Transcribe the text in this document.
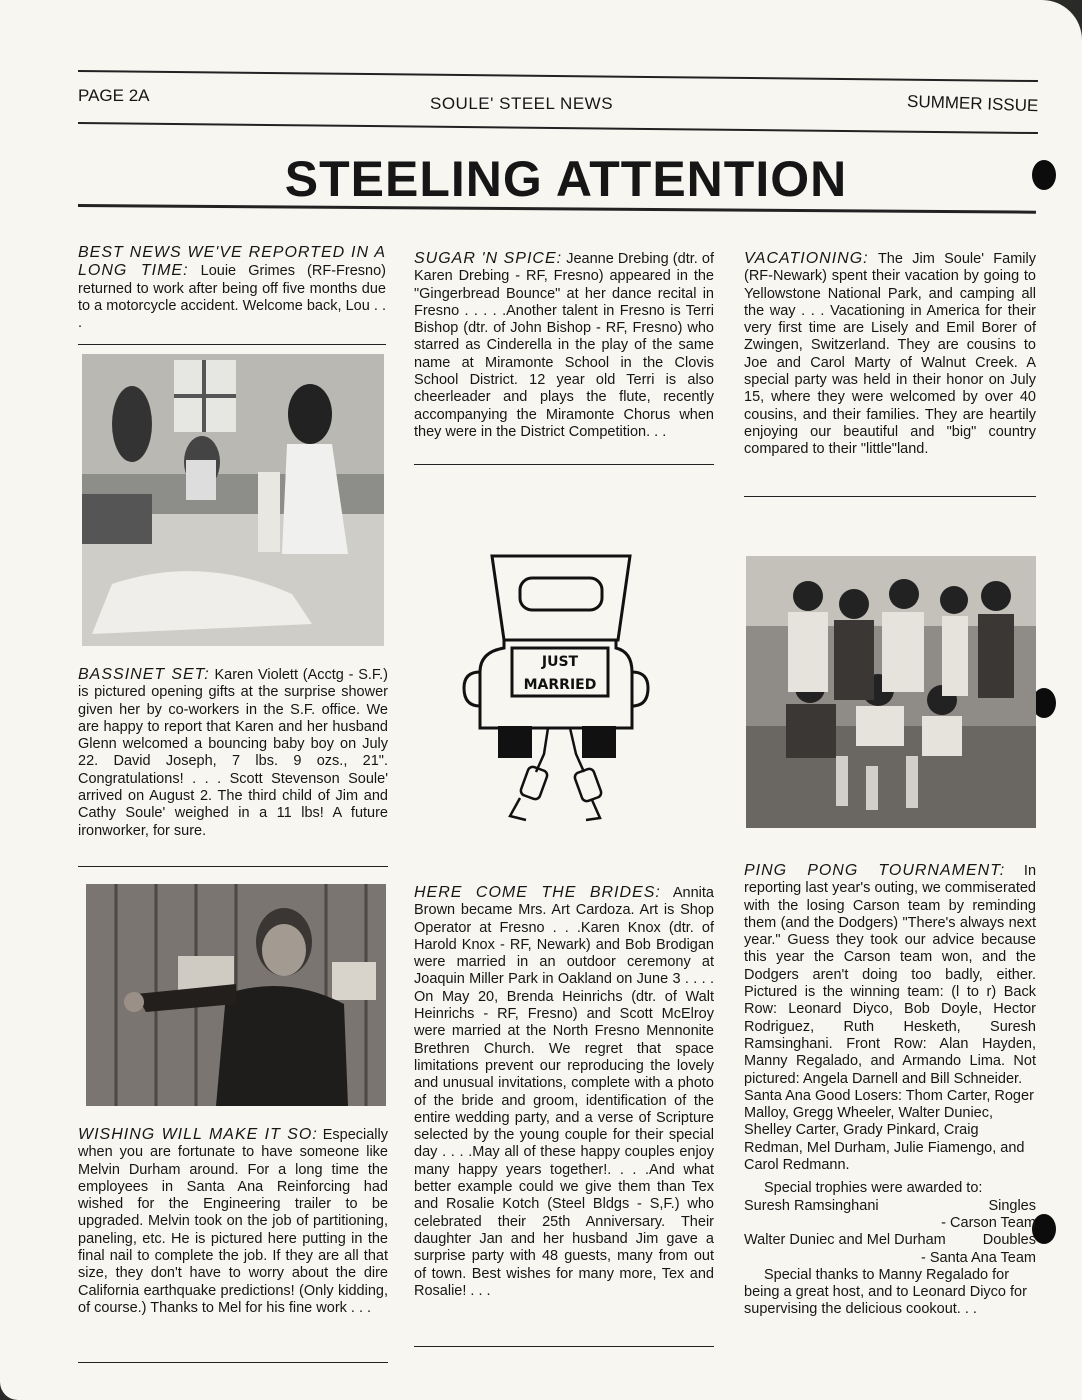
PAGE 2A	SOULE' STEEL NEWS	SUMMER ISSUE
STEELING ATTENTION
BEST NEWS WE'VE REPORTED IN A LONG TIME: Louie Grimes (RF-Fresno) returned to work after being off five months due to a motorcycle accident. Welcome back, Lou . . .

BASSINET SET: Karen Violett (Acctg - S.F.) is pictured opening gifts at the surprise shower given her by co-workers in the S.F. office. We are happy to report that Karen and her husband Glenn welcomed a bouncing baby boy on July 22. David Joseph, 7 lbs. 9 ozs., 21". Congratulations! . . . Scott Stevenson Soule' arrived on August 2. The third child of Jim and Cathy Soule' weighed in a 11 lbs! A future ironworker, for sure.

WISHING WILL MAKE IT SO: Especially when you are fortunate to have someone like Melvin Durham around. For a long time the employees in Santa Ana Reinforcing had wished for the Engineering trailer to be upgraded. Melvin took on the job of partitioning, paneling, etc. He is pictured here putting in the final nail to complete the job. If they are all that size, they don't have to worry about the dire California earthquake predictions! (Only kidding, of course.) Thanks to Mel for his fine work . . .

SUGAR 'N SPICE: Jeanne Drebing (dtr. of Karen Drebing - RF, Fresno) appeared in the "Gingerbread Bounce" at her dance recital in Fresno . . . . .Another talent in Fresno is Terri Bishop (dtr. of John Bishop - RF, Fresno) who starred as Cinderella in the play of the same name at Miramonte School in the Clovis School District. 12 year old Terri is also cheerleader and plays the flute, recently accompanying the Miramonte Chorus when they were in the District Competition. . .

JUST
MARRIED
HERE COME THE BRIDES: Annita Brown became Mrs. Art Cardoza. Art is Shop Operator at Fresno . . .Karen Knox (dtr. of Harold Knox - RF, Newark) and Bob Brodigan were married in an outdoor ceremony at Joaquin Miller Park in Oakland on June 3 . . . . On May 20, Brenda Heinrichs (dtr. of Walt Heinrichs - RF, Fresno) and Scott McElroy were married at the North Fresno Mennonite Brethren Church. We regret that space limitations prevent our reproducing the lovely and unusual invitations, complete with a photo of the bride and groom, identification of the entire wedding party, and a verse of Scripture selected by the young couple for their special day . . . .May all of these happy couples enjoy many happy years together!. . . .And what better example could we give them than Tex and Rosalie Kotch (Steel Bldgs - S,F.) who celebrated their 25th Anniversary. Their daughter Jan and her husband Jim gave a surprise party with 48 guests, many from out of town. Best wishes for many more, Tex and Rosalie! . . .

VACATIONING: The Jim Soule' Family (RF-Newark) spent their vacation by going to Yellowstone National Park, and camping all the way . . . Vacationing in America for their very first time are Lisely and Emil Borer of Zwingen, Switzerland. They are cousins to Joe and Carol Marty of Walnut Creek. A special party was held in their honor on July 15, where they were welcomed by over 40 cousins, and their families. They are heartily enjoying our beautiful and "big" country compared to their "little"land.

PING PONG TOURNAMENT: In reporting last year's outing, we commiserated with the losing Carson team by reminding them (and the Dodgers) "There's always next year." Guess they took our advice because this year the Carson team won, and the Dodgers aren't doing too badly, either. Pictured is the winning team: (l to r) Back Row: Leonard Diyco, Bob Doyle, Hector Rodriguez, Ruth Hesketh, Suresh Ramsinghani. Front Row: Alan Hayden, Manny Regalado, and Armando Lima. Not pictured: Angela Darnell and Bill Schneider.

Santa Ana Good Losers: Thom Carter, Roger Malloy, Gregg Wheeler, Walter Duniec, Shelley Carter, Grady Pinkard, Craig Redman, Mel Durham, Julie Fiamengo, and Carol Redmann.
Special trophies were awarded to:
Suresh Ramsinghani	Singles
- Carson Team
Walter Duniec and Mel Durham	Doubles
- Santa Ana Team
Special thanks to Manny Regalado for being a great host, and to Leonard Diyco for supervising the delicious cookout. . .
